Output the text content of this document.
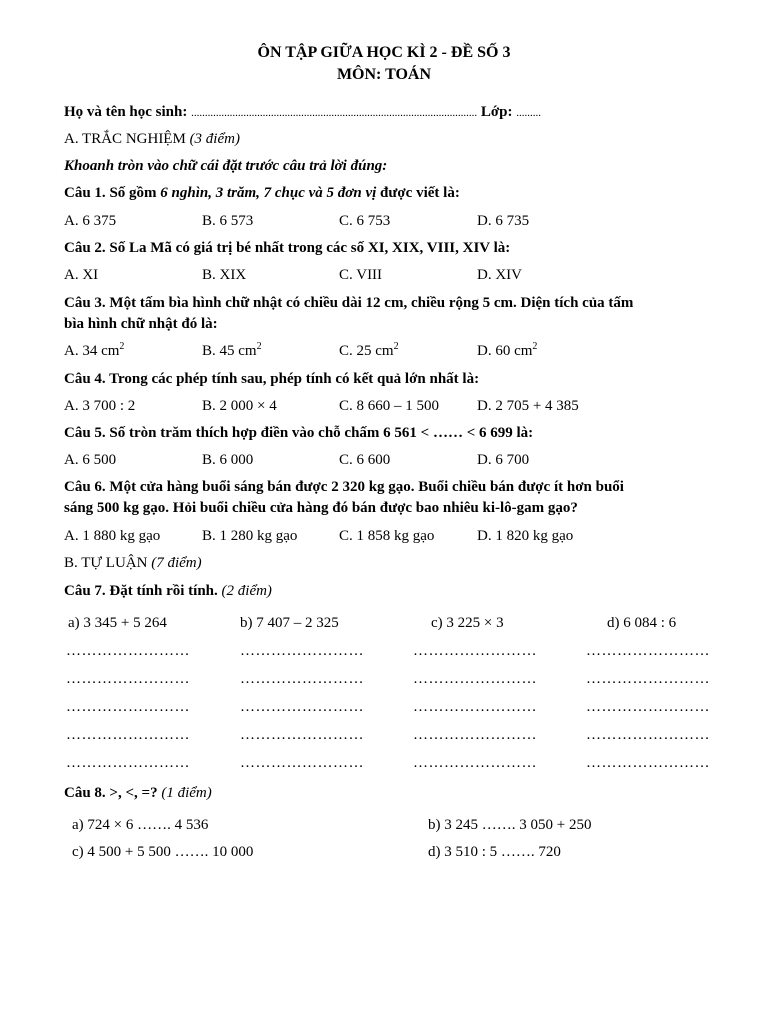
ÔN TẬP GIỮA HỌC KÌ 2 - ĐỀ SỐ 3
MÔN: TOÁN
Họ và tên học sinh: ........................................................................................................ Lớp: .........
A. TRẮC NGHIỆM (3 điểm)
Khoanh tròn vào chữ cái đặt trước câu trả lời đúng:
Câu 1. Số gồm 6 nghìn, 3 trăm, 7 chục và 5 đơn vị được viết là:
A. 6 375	B. 6 573	C. 6 753	D. 6 735
Câu 2. Số La Mã có giá trị bé nhất trong các số XI, XIX, VIII, XIV là:
A. XI	B. XIX	C. VIII	D. XIV
Câu 3. Một tấm bìa hình chữ nhật có chiều dài 12 cm, chiều rộng 5 cm. Diện tích của tấm
bìa hình chữ nhật đó là:
A. 34 $cm^2$	B. 45 $cm^2$	C. 25 $cm^2$	D. 60 $cm^2$
Câu 4. Trong các phép tính sau, phép tính có kết quả lớn nhất là:
A. 3 700 : 2	B. 2 000 × 4	C. 8 660 – 1 500	D. 2 705 + 4 385
Câu 5. Số tròn trăm thích hợp điền vào chỗ chấm 6 561 < …… < 6 699 là:
A. 6 500	B. 6 000	C. 6 600	D. 6 700
Câu 6. Một cửa hàng buổi sáng bán được 2 320 kg gạo. Buổi chiều bán được ít hơn buổi
sáng 500 kg gạo. Hỏi buổi chiều cửa hàng đó bán được bao nhiêu ki-lô-gam gạo?
A. 1 880 kg gạo	B. 1 280 kg gạo	C. 1 858 kg gạo	D. 1 820 kg gạo
B. TỰ LUẬN (7 điểm)
Câu 7. Đặt tính rồi tính. (2 điểm)
a) 3 345 + 5 264	b) 7 407 – 2 325	c) 3 225 × 3	d) 6 084 : 6
……………………	……………………	……………………	……………………
……………………	……………………	……………………	……………………
……………………	……………………	……………………	……………………
……………………	……………………	……………………	……………………
……………………	……………………	……………………	……………………
Câu 8. >, <, =? (1 điểm)
a) 724 × 6 ……. 4 536	b) 3 245 ……. 3 050 + 250
c) 4 500 + 5 500 ……. 10 000	d) 3 510 : 5 ……. 720
